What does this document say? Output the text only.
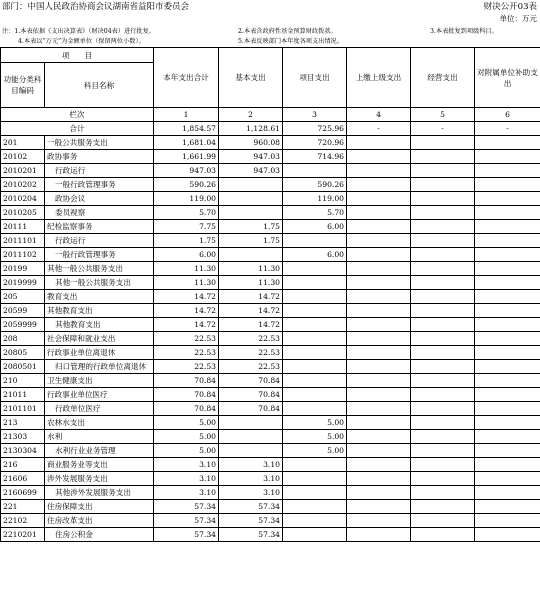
部门：中国人民政治协商会议湖南省益阳市委员会	财决公开03表
单位：万元
注：1.本表依据《支出决算表》（财决04表）进行批复。	2.本表含政府性基金预算财政拨款。	3.本表批复到项级科目。
4.本表以“万元”为金额单位（保留两位小数）。	5.本表反映部门本年度各项支出情况。
项　　目		本年支出合计	基本支出	项目支出	上缴上级支出	经营支出	对附属单位补助支出
功能分类科目编码	科目名称						
栏次		1	2	3	4	5	6
合计		1,854.57	1,128.61	725.96	-	-	-
201	一般公共服务支出	1,681.04	960.08	720.96			
20102	政协事务	1,661.99	947.03	714.96			
2010201	行政运行	947.03	947.03				
2010202	一般行政管理事务	590.26		590.26			
2010204	政协会议	119.00		119.00			
2010205	委员视察	5.70		5.70			
20111	纪检监察事务	7.75	1.75	6.00			
2011101	行政运行	1.75	1.75				
2011102	一般行政管理事务	6.00		6.00			
20199	其他一般公共服务支出	11.30	11.30				
2019999	其他一般公共服务支出	11.30	11.30				
205	教育支出	14.72	14.72				
20599	其他教育支出	14.72	14.72				
2059999	其他教育支出	14.72	14.72				
208	社会保障和就业支出	22.53	22.53				
20805	行政事业单位离退休	22.53	22.53				
2080501	归口管理的行政单位离退休	22.53	22.53				
210	卫生健康支出	70.84	70.84				
21011	行政事业单位医疗	70.84	70.84				
2101101	行政单位医疗	70.84	70.84				
213	农林水支出	5.00		5.00			
21303	水利	5.00		5.00			
2130304	水利行业业务管理	5.00		5.00			
216	商业服务业等支出	3.10	3.10				
21606	涉外发展服务支出	3.10	3.10				
2160699	其他涉外发展服务支出	3.10	3.10				
221	住房保障支出	57.34	57.34				
22102	住房改革支出	57.34	57.34				
2210201	住房公积金	57.34	57.34				
